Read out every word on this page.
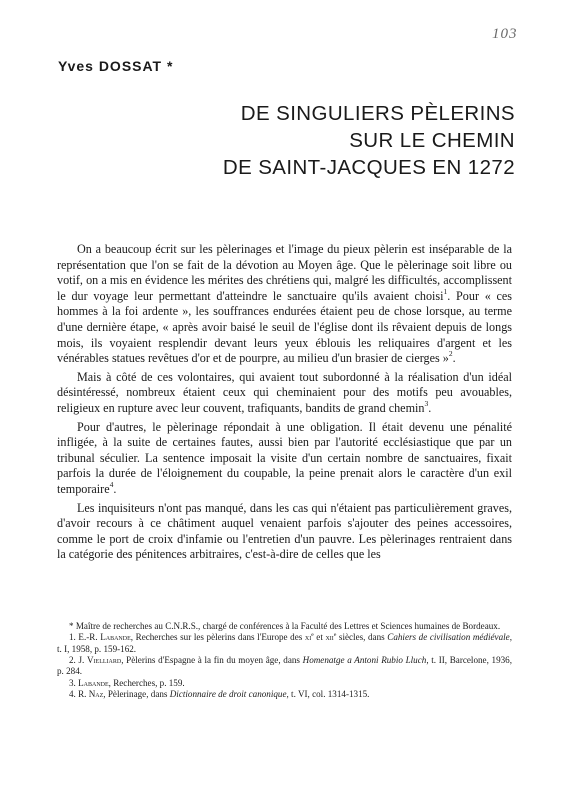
103
Yves DOSSAT *
DE SINGULIERS PÈLERINS
SUR LE CHEMIN
DE SAINT-JACQUES EN 1272

On a beaucoup écrit sur les pèlerinages et l'image du pieux pèlerin est inséparable de la représentation que l'on se fait de la dévotion au Moyen âge. Que le pèlerinage soit libre ou votif, on a mis en évidence les mérites des chrétiens qui, malgré les difficultés, accomplissent le dur voyage leur permettant d'atteindre le sanctuaire qu'ils avaient choisi$^1$. Pour « ces hommes à la foi ardente », les souffrances endurées étaient peu de chose lorsque, au terme d'une dernière étape, « après avoir baisé le seuil de l'église dont ils rêvaient depuis de longs mois, ils voyaient resplendir devant leurs yeux éblouis les reliquaires d'argent et les vénérables statues revêtues d'or et de pourpre, au milieu d'un brasier de cierges »$^2$.

Mais à côté de ces volontaires, qui avaient tout subordonné à la réalisation d'un idéal désintéressé, nombreux étaient ceux qui cheminaient pour des motifs peu avouables, religieux en rupture avec leur couvent, trafiquants, bandits de grand chemin$^3$.

Pour d'autres, le pèlerinage répondait à une obligation. Il était devenu une pénalité infligée, à la suite de certaines fautes, aussi bien par l'autorité ecclésiastique que par un tribunal séculier. La sentence imposait la visite d'un certain nombre de sanctuaires, fixait parfois la durée de l'éloignement du coupable, la peine prenait alors le caractère d'un exil temporaire$^4$.

Les inquisiteurs n'ont pas manqué, dans les cas qui n'étaient pas particulièrement graves, d'avoir recours à ce châtiment auquel venaient parfois s'ajouter des peines accessoires, comme le port de croix d'infamie ou l'entretien d'un pauvre. Les pèlerinages rentraient dans la catégorie des pénitences arbitraires, c'est-à-dire de celles que les

* Maître de recherches au C.N.R.S., chargé de conférences à la Faculté des Lettres et Sciences humaines de Bordeaux.

1. E.-R. Labande, Recherches sur les pèlerins dans l'Europe des $xi^e$ et xii$^e$ siècles, dans Cahiers de civilisation médiévale, t. I, 1958, p. 159-162.

2. J. Vielliard, Pèlerins d'Espagne à la fin du moyen âge, dans Homenatge a Antoni Rubio Lluch, t. II, Barcelone, 1936, p. 284.

3. Labande, Recherches, p. 159.

4. R. Naz, Pèlerinage, dans Dictionnaire de droit canonique, t. VI, col. 1314-1315.
